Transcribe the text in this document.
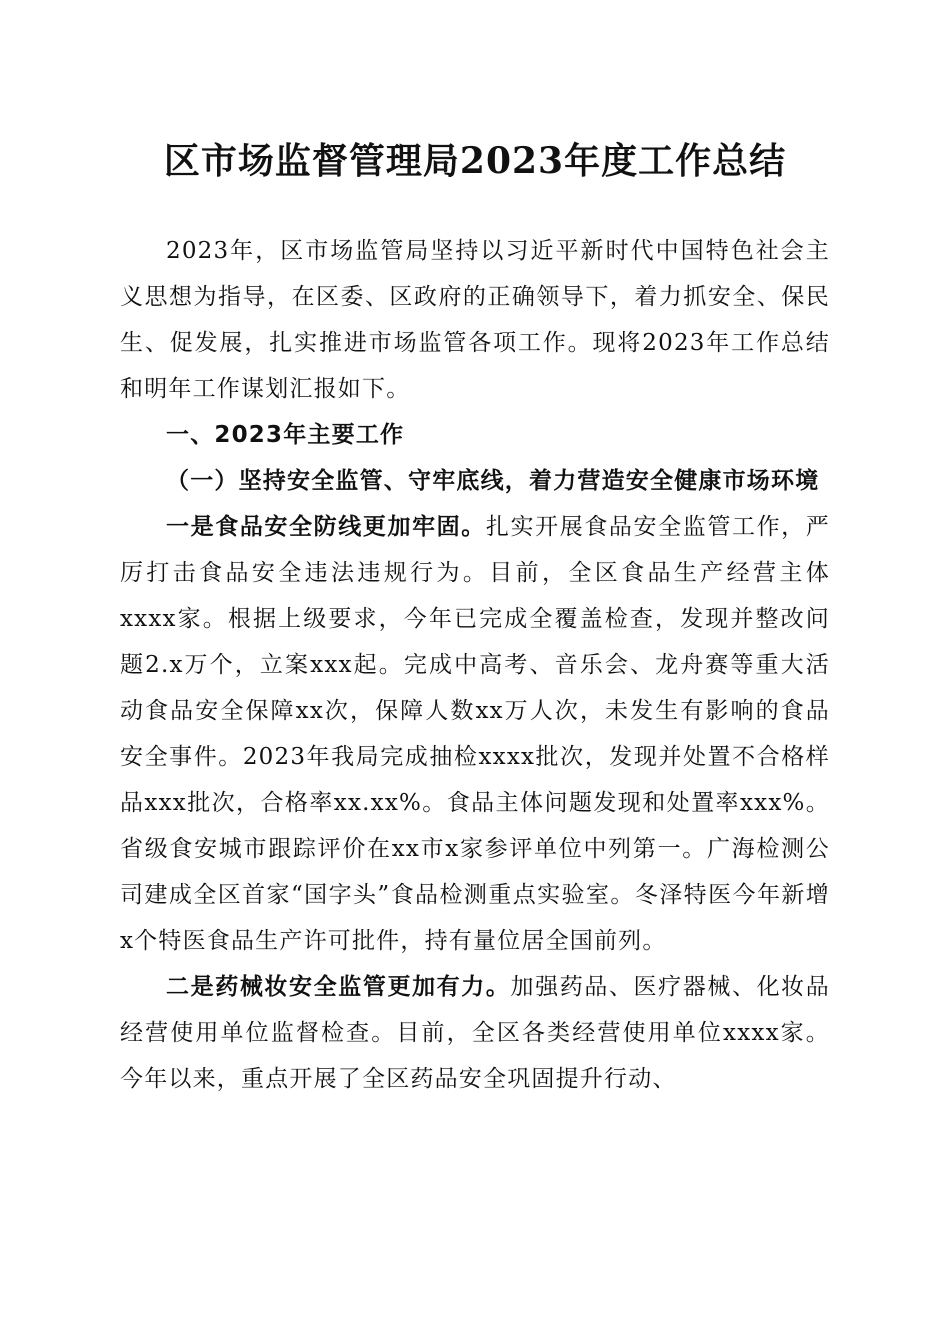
区市场监督管理局2023年度工作总结

2023年，区市场监管局坚持以习近平新时代中国特色社会主义思想为指导，在区委、区政府的正确领导下，着力抓安全、保民生、促发展，扎实推进市场监管各项工作。现将2023年工作总结和明年工作谋划汇报如下。

一、2023年主要工作

（一）坚持安全监管、守牢底线，着力营造安全健康市场环境

一是食品安全防线更加牢固。扎实开展食品安全监管工作，严厉打击食品安全违法违规行为。目前，全区食品生产经营主体xxxx家。根据上级要求，今年已完成全覆盖检查，发现并整改问题2.x万个，立案xxx起。完成中高考、音乐会、龙舟赛等重大活动食品安全保障xx次，保障人数xx万人次，未发生有影响的食品安全事件。2023年我局完成抽检xxxx批次，发现并处置不合格样品xxx批次，合格率xx.xx%。食品主体问题发现和处置率xxx%。省级食安城市跟踪评价在xx市x家参评单位中列第一。广海检测公司建成全区首家“国字头”食品检测重点实验室。冬泽特医今年新增x个特医食品生产许可批件，持有量位居全国前列。

二是药械妆安全监管更加有力。加强药品、医疗器械、化妆品经营使用单位监督检查。目前，全区各类经营使用单位xxxx家。今年以来，重点开展了全区药品安全巩固提升行动、
